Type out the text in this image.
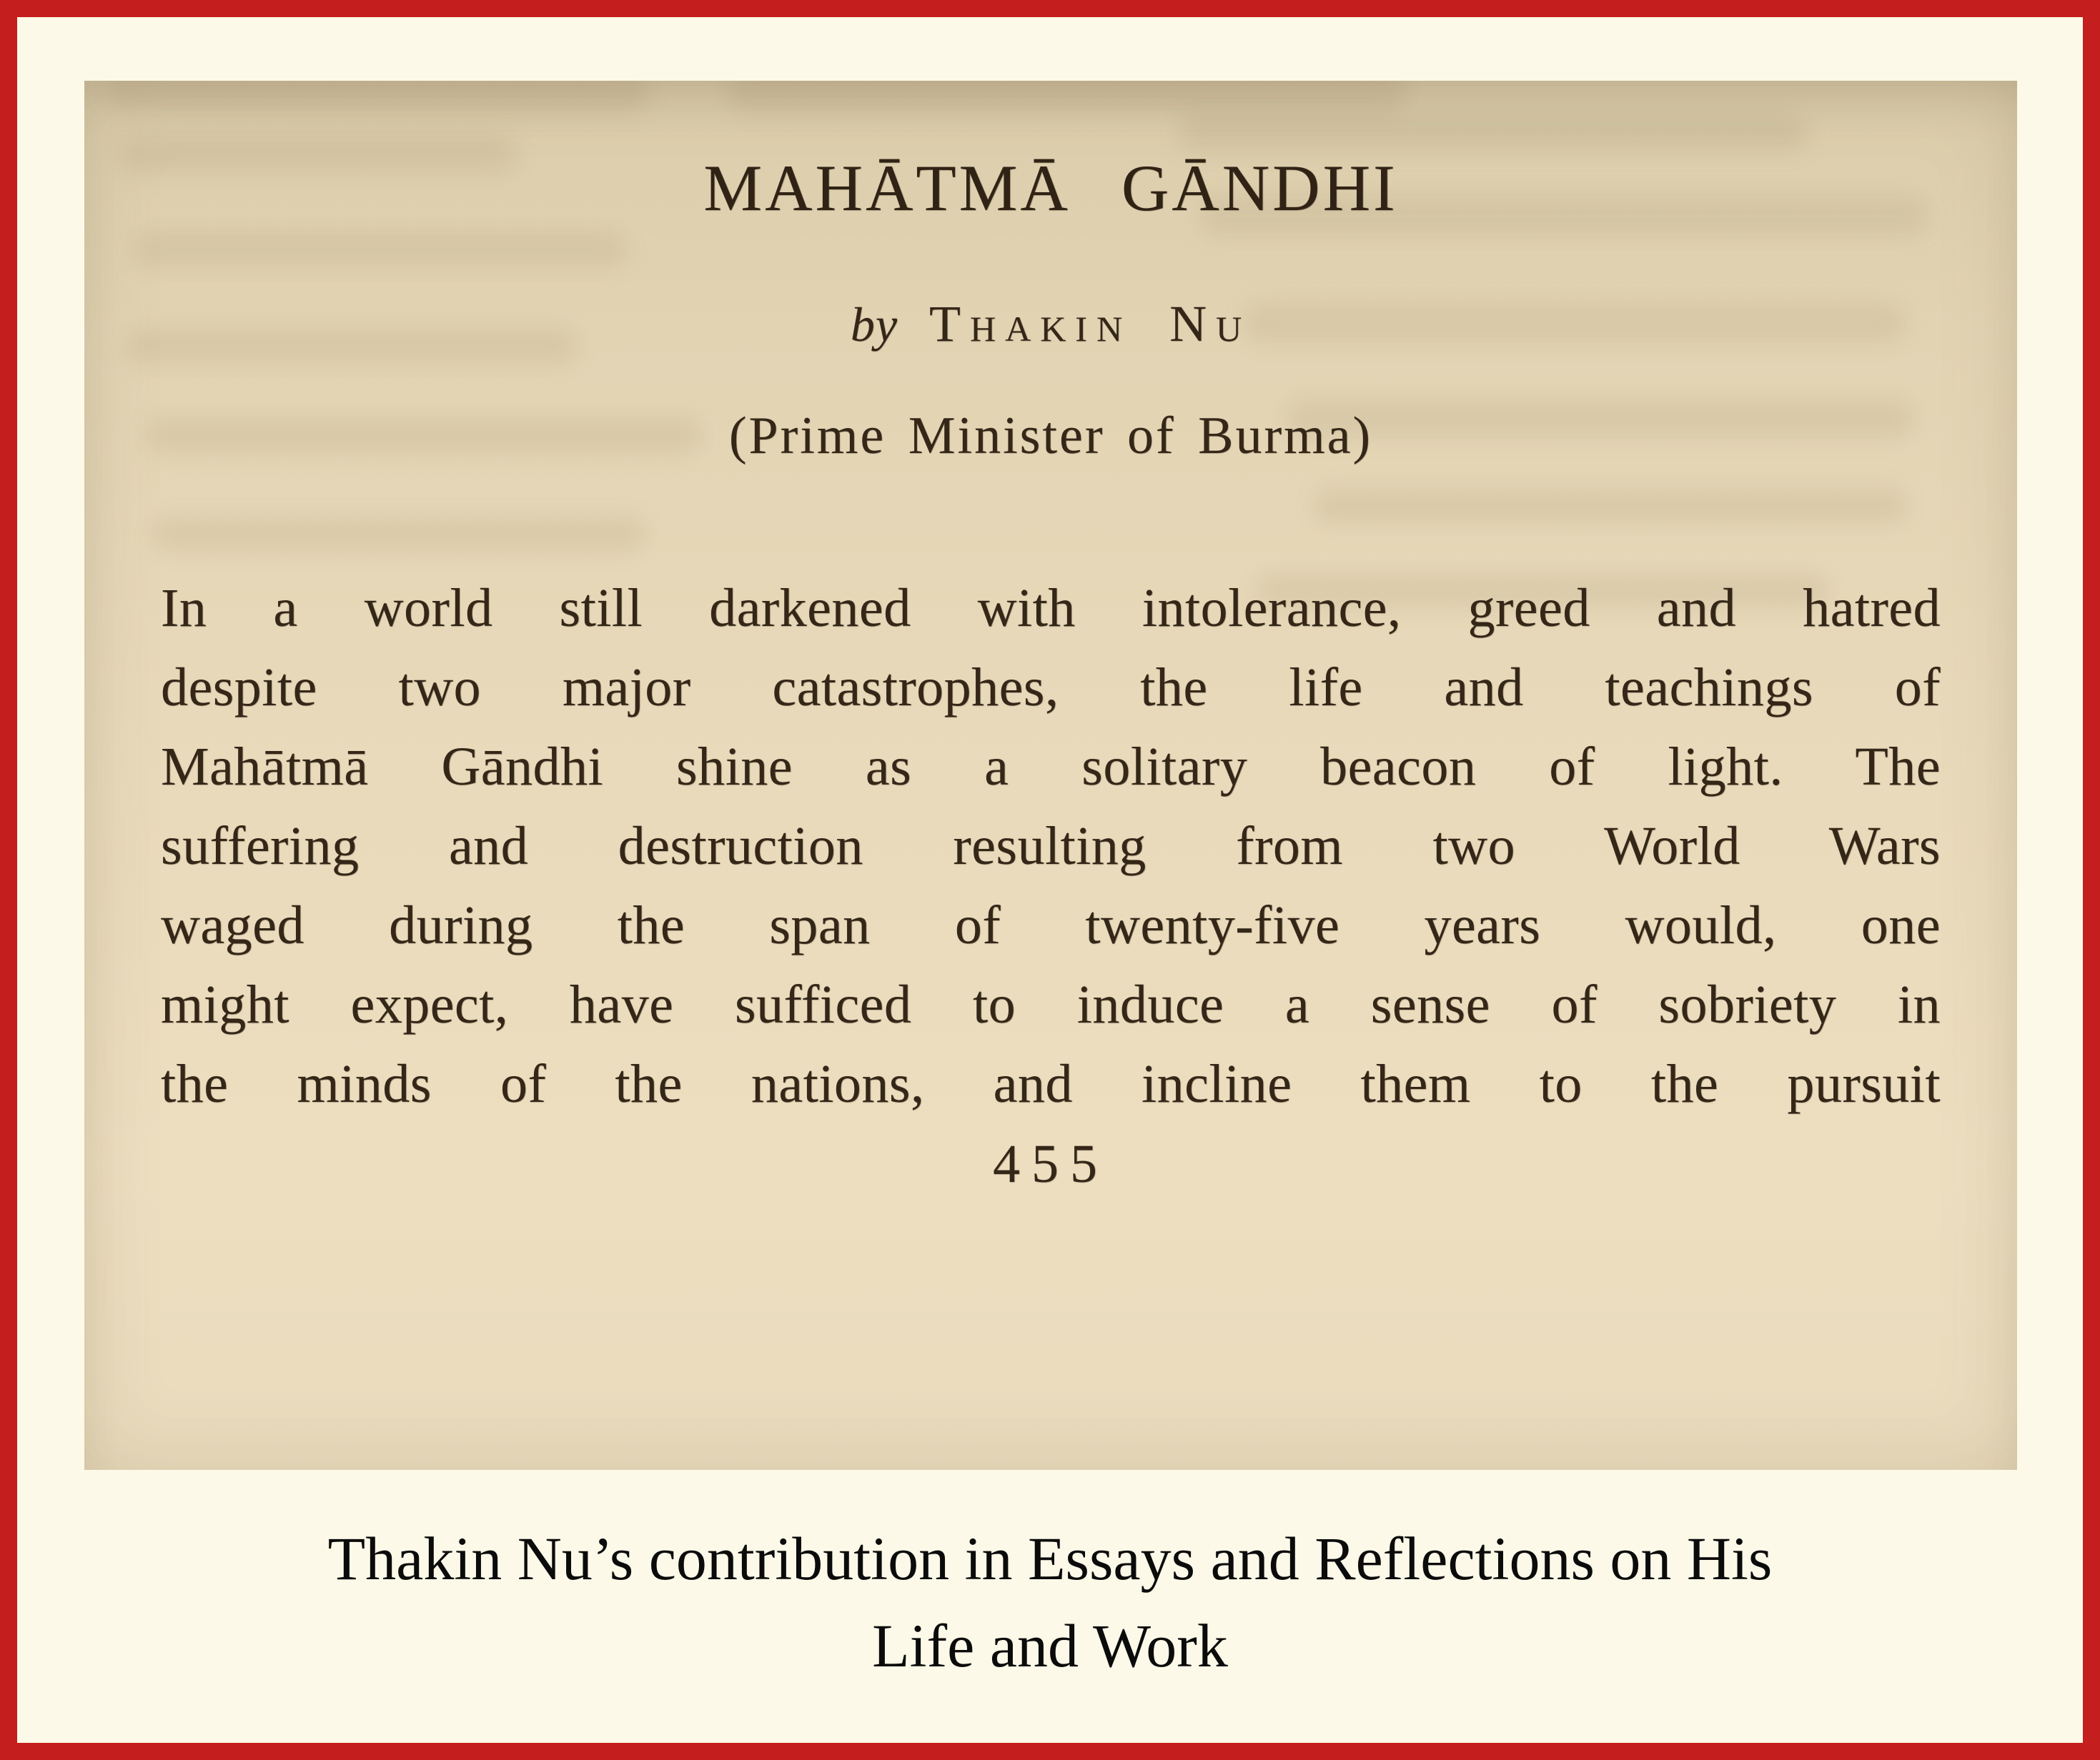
MAHĀTMĀ GĀNDHI
by Thakin Nu
(Prime Minister of Burma)
In a world still darkened with intolerance, greed and hatred
despite two major catastrophes, the life and teachings of
Mahātmā Gāndhi shine as a solitary beacon of light. The
suffering and destruction resulting from two World Wars
waged during the span of twenty-five years would, one
might expect, have sufficed to induce a sense of sobriety in
the minds of the nations, and incline them to the pursuit
455
Thakin Nu’s contribution in Essays and Reflections on His
Life and Work
